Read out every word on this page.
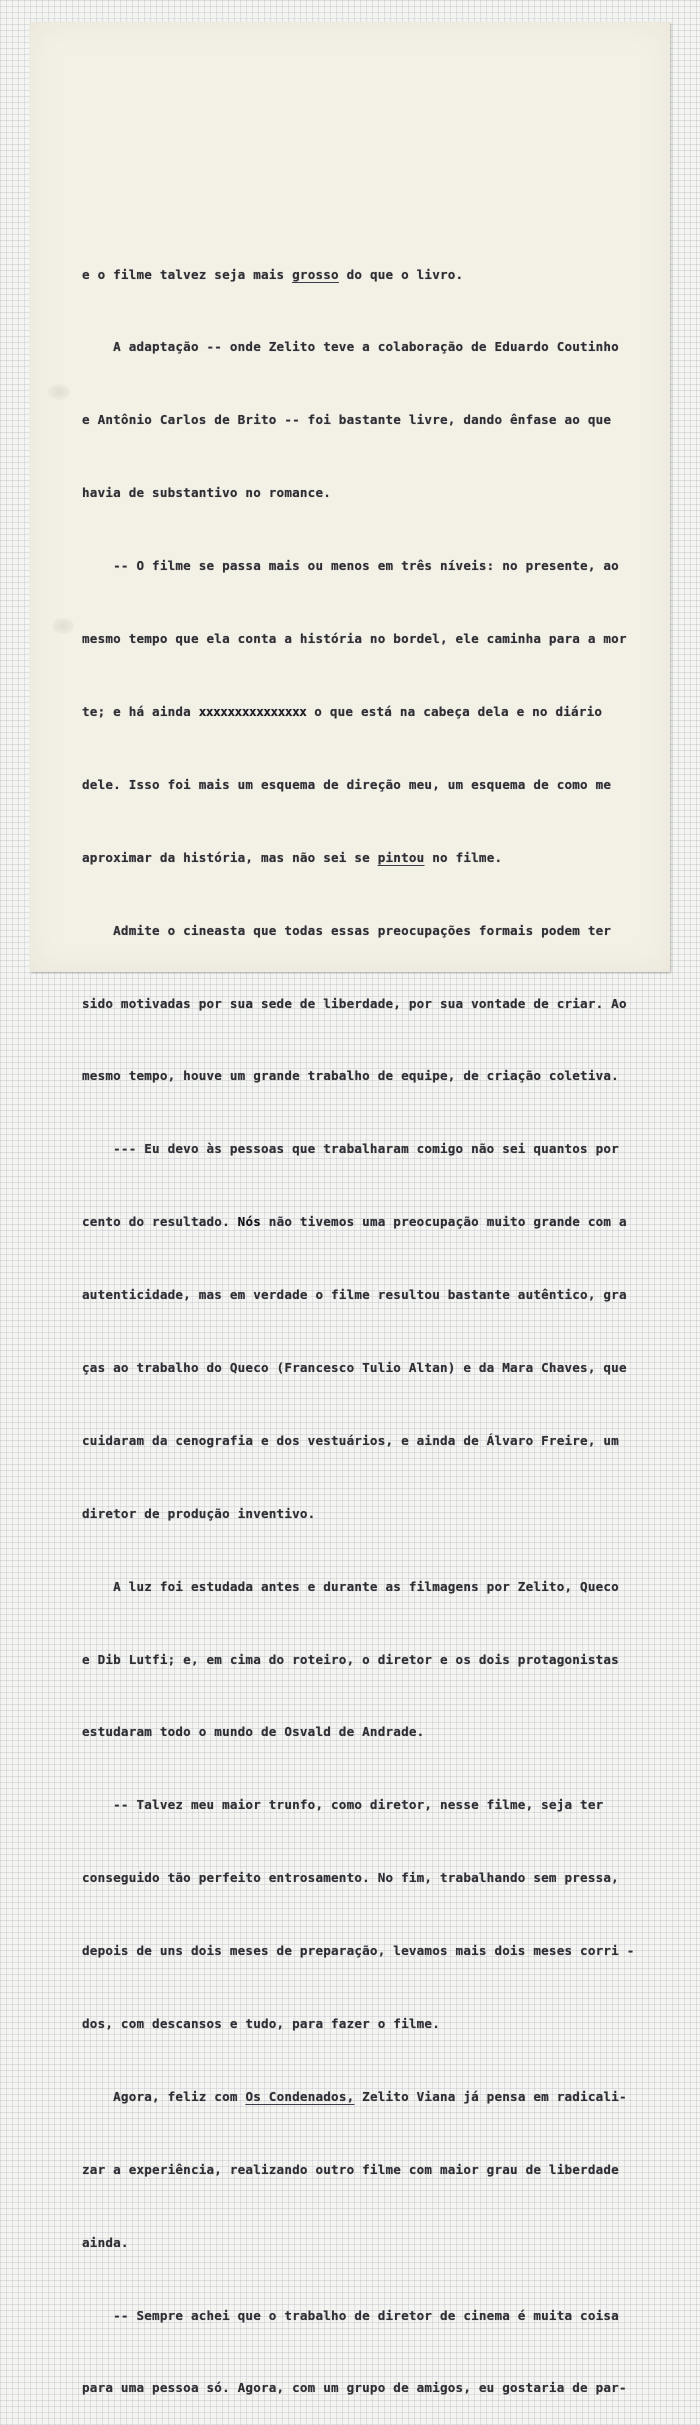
e o filme talvez seja mais grosso do que o livro.

A adaptação -- onde Zelito teve a colaboração de Eduardo Coutinho

e Antônio Carlos de Brito -- foi bastante livre, dando ênfase ao que

havia de substantivo no romance.

-- O filme se passa mais ou menos em três níveis: no presente, ao

mesmo tempo que ela conta a história no bordel, ele caminha para a mor

te; e há ainda xxxxxxxxxxxxxxx o que está na cabeça dela e no diário

dele. Isso foi mais um esquema de direção meu, um esquema de como me

aproximar da história, mas não sei se pintou no filme.

Admite o cineasta que todas essas preocupações formais podem ter

sido motivadas por sua sede de liberdade, por sua vontade de criar. Ao

mesmo tempo, houve um grande trabalho de equipe, de criação coletiva.

--- Eu devo às pessoas que trabalharam comigo não sei quantos por

cento do resultado. Nós não tivemos uma preocupação muito grande com a

autenticidade, mas em verdade o filme resultou bastante autêntico, gra

ças ao trabalho do Queco (Francesco Tulio Altan) e da Mara Chaves, que

cuidaram da cenografia e dos vestuários, e ainda de Álvaro Freire, um

diretor de produção inventivo.

A luz foi estudada antes e durante as filmagens por Zelito, Queco

e Dib Lutfi; e, em cima do roteiro, o diretor e os dois protagonistas

estudaram todo o mundo de Osvald de Andrade.

-- Talvez meu maior trunfo, como diretor, nesse filme, seja ter

conseguido tão perfeito entrosamento. No fim, trabalhando sem pressa,

depois de uns dois meses de preparação, levamos mais dois meses corri -

dos, com descansos e tudo, para fazer o filme.

Agora, feliz com Os Condenados, Zelito Viana já pensa em radicali-

zar a experiência, realizando outro filme com maior grau de liberdade

ainda.

-- Sempre achei que o trabalho de diretor de cinema é muita coisa

para uma pessoa só. Agora, com um grupo de amigos, eu gostaria de par-
